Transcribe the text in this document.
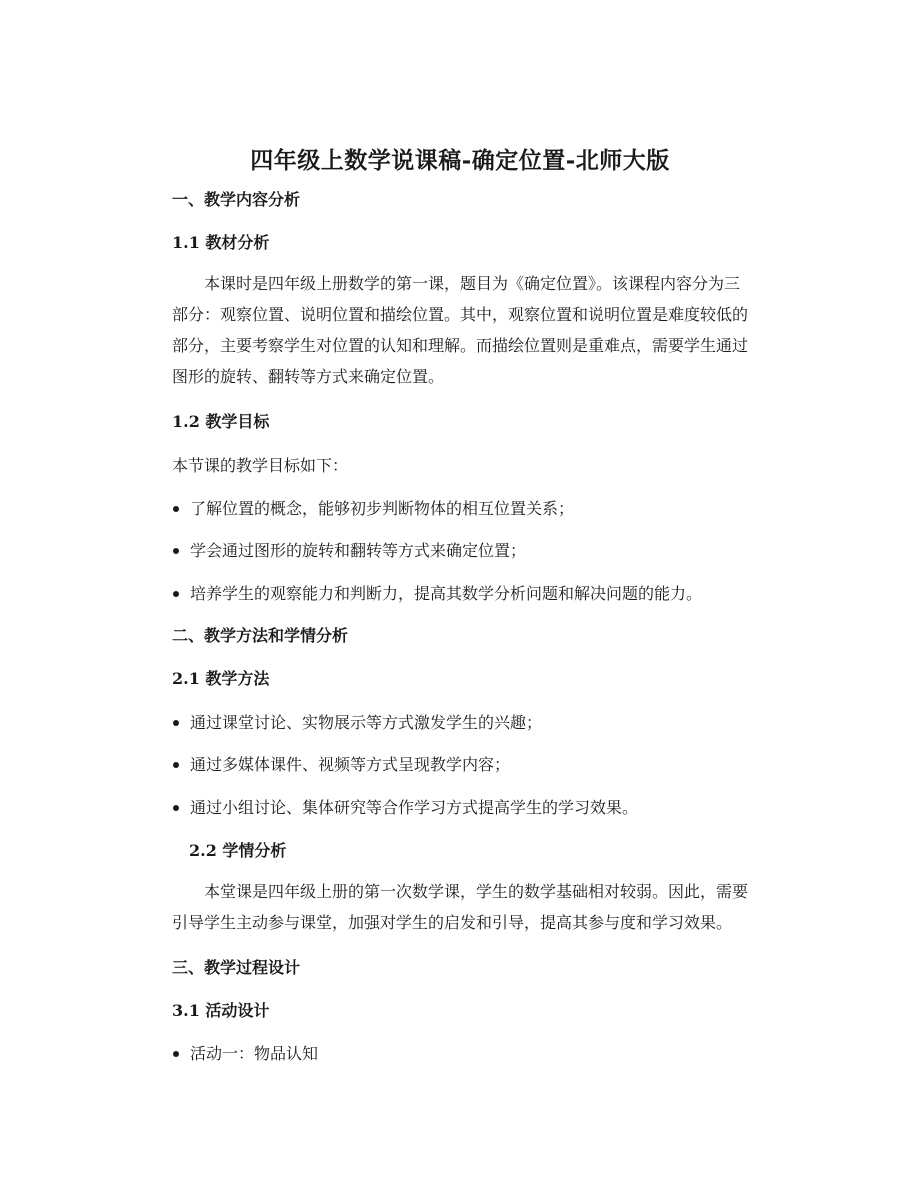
四年级上数学说课稿-确定位置-北师大版
一、教学内容分析
1.1 教材分析

本课时是四年级上册数学的第一课，题目为《确定位置》。该课程内容分为三部分：观察位置、说明位置和描绘位置。其中，观察位置和说明位置是难度较低的部分，主要考察学生对位置的认知和理解。而描绘位置则是重难点，需要学生通过图形的旋转、翻转等方式来确定位置。

1.2 教学目标
本节课的教学目标如下：
了解位置的概念，能够初步判断物体的相互位置关系；
学会通过图形的旋转和翻转等方式来确定位置；
培养学生的观察能力和判断力，提高其数学分析问题和解决问题的能力。
二、教学方法和学情分析
2.1 教学方法
通过课堂讨论、实物展示等方式激发学生的兴趣；
通过多媒体课件、视频等方式呈现教学内容；
通过小组讨论、集体研究等合作学习方式提高学生的学习效果。
2.2 学情分析

本堂课是四年级上册的第一次数学课，学生的数学基础相对较弱。因此，需要引导学生主动参与课堂，加强对学生的启发和引导，提高其参与度和学习效果。

三、教学过程设计
3.1 活动设计
活动一：物品认知
